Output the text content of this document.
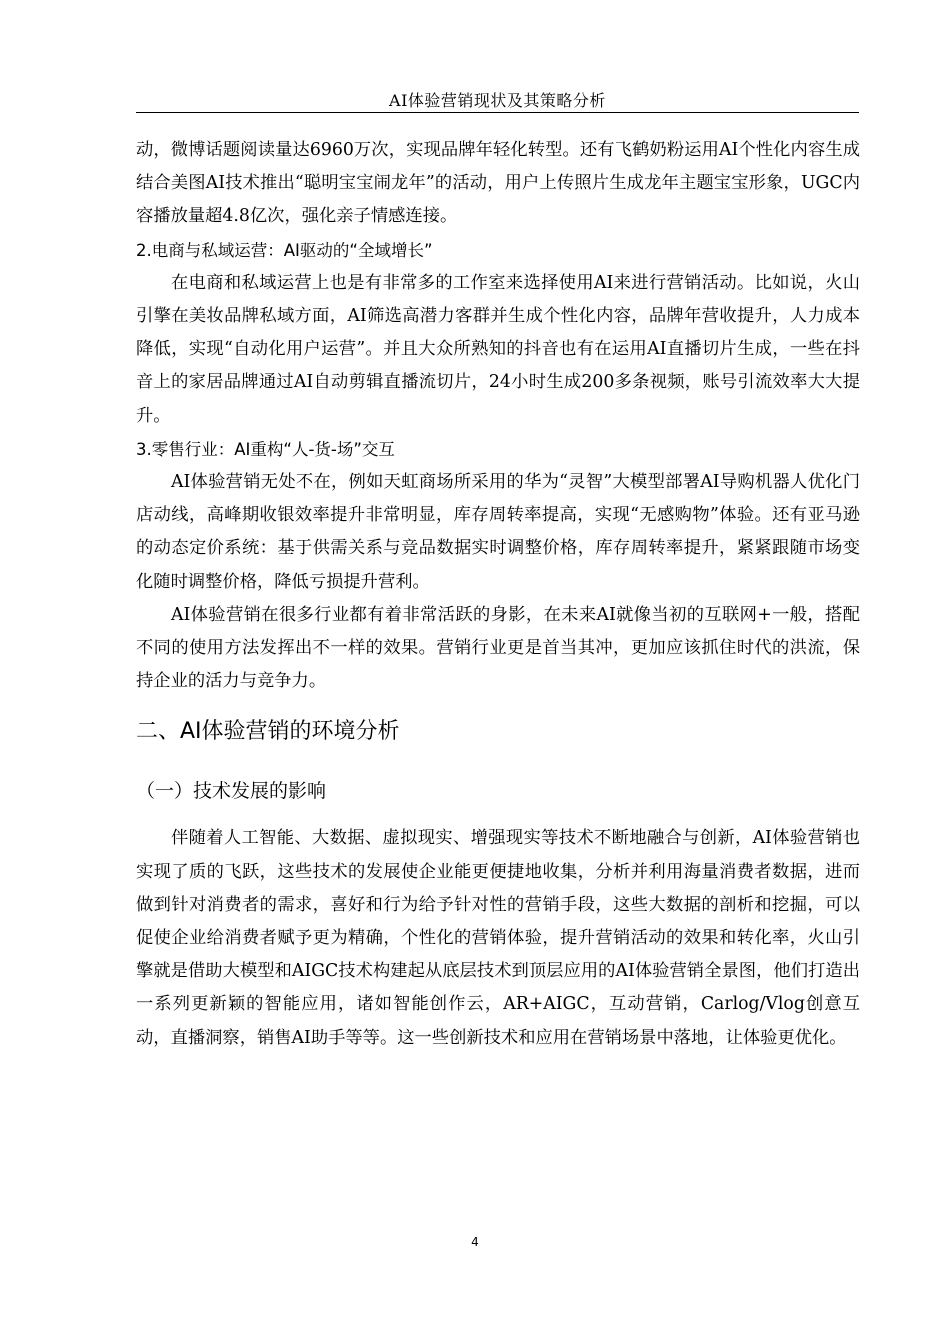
AI体验营销现状及其策略分析

动，微博话题阅读量达6960万次，实现品牌年轻化转型。还有飞鹤奶粉运用AI个性化内容生成结合美图AI技术推出“聪明宝宝闹龙年”的活动，用户上传照片生成龙年主题宝宝形象，UGC内容播放量超4.8亿次，强化亲子情感连接。

2.电商与私域运营：AI驱动的“全域增长”

在电商和私域运营上也是有非常多的工作室来选择使用AI来进行营销活动。比如说，火山引擎在美妆品牌私域方面，AI筛选高潜力客群并生成个性化内容，品牌年营收提升，人力成本降低，实现“自动化用户运营”。并且大众所熟知的抖音也有在运用AI直播切片生成，一些在抖音上的家居品牌通过AI自动剪辑直播流切片，24小时生成200多条视频，账号引流效率大大提升。

3.零售行业：AI重构“人-货-场”交互

AI体验营销无处不在，例如天虹商场所采用的华为“灵智”大模型部署AI导购机器人优化门店动线，高峰期收银效率提升非常明显，库存周转率提高，实现“无感购物”体验。还有亚马逊的动态定价系统：基于供需关系与竞品数据实时调整价格，库存周转率提升，紧紧跟随市场变化随时调整价格，降低亏损提升营利。

AI体验营销在很多行业都有着非常活跃的身影，在未来AI就像当初的互联网+一般，搭配不同的使用方法发挥出不一样的效果。营销行业更是首当其冲，更加应该抓住时代的洪流，保持企业的活力与竞争力。

二、AI体验营销的环境分析
（一）技术发展的影响

伴随着人工智能、大数据、虚拟现实、增强现实等技术不断地融合与创新，AI体验营销也实现了质的飞跃，这些技术的发展使企业能更便捷地收集，分析并利用海量消费者数据，进而做到针对消费者的需求，喜好和行为给予针对性的营销手段，这些大数据的剖析和挖掘，可以促使企业给消费者赋予更为精确，个性化的营销体验，提升营销活动的效果和转化率，火山引擎就是借助大模型和AIGC技术构建起从底层技术到顶层应用的AI体验营销全景图，他们打造出一系列更新颖的智能应用，诸如智能创作云，AR+AIGC，互动营销，Carlog/Vlog创意互动，直播洞察，销售AI助手等等。这一些创新技术和应用在营销场景中落地，让体验更优化。

4
